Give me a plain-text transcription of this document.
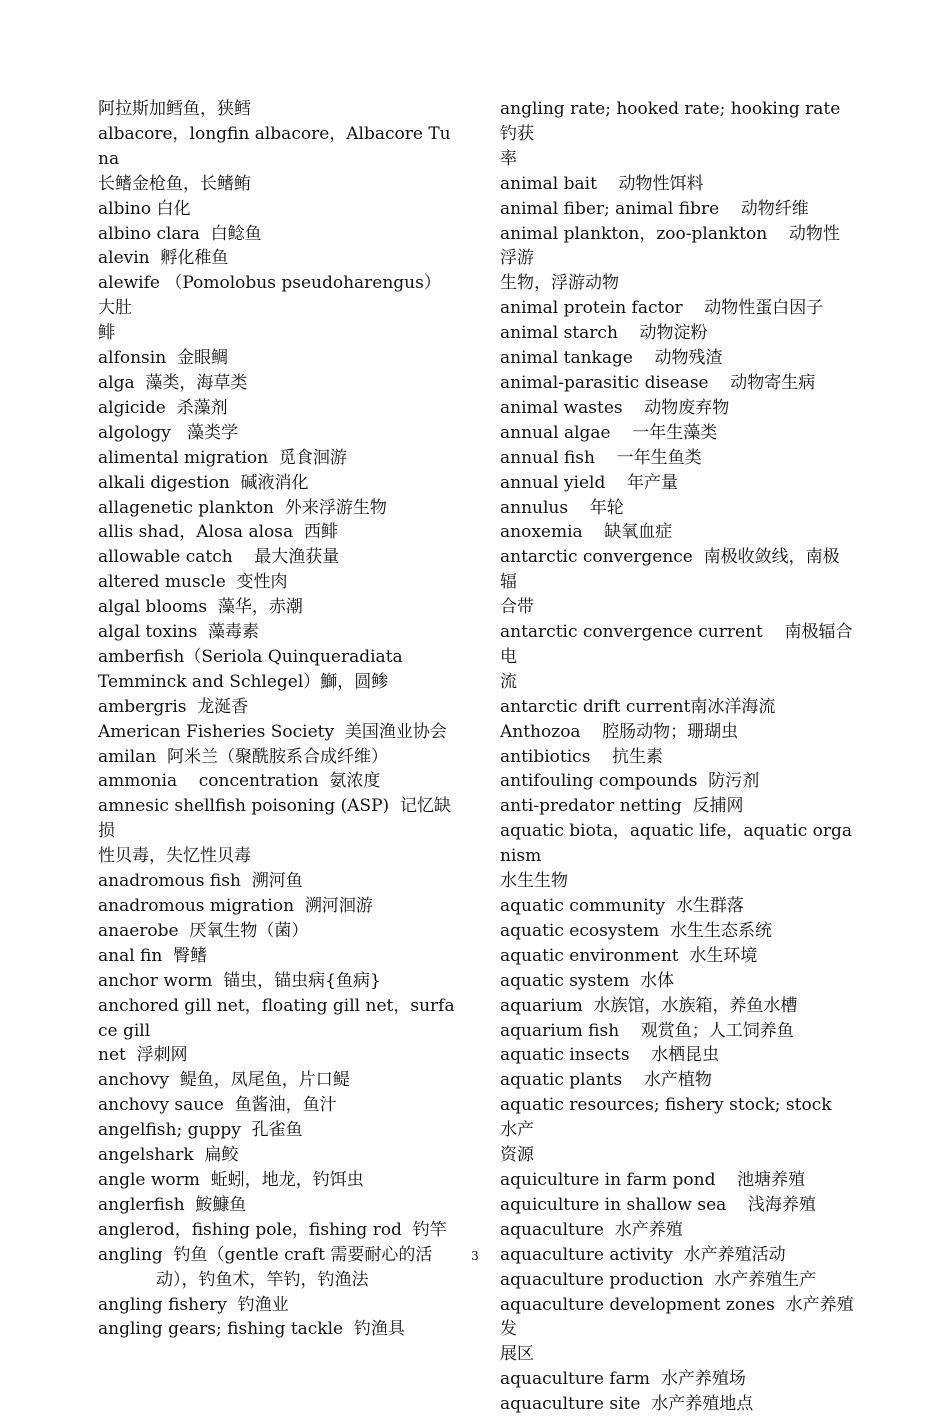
阿拉斯加鳕鱼，狭鳕
albacore，longfin albacore，Albacore Tuna
长鳍金枪鱼，长鳍鲔
albino 白化
albino clara  白鲶鱼
alevin  孵化稚鱼
alewife （Pomolobus pseudoharengus）大肚
鲱
alfonsin  金眼鲷
alga  藻类，海草类
algicide  杀藻剂
algology   藻类学
alimental migration  觅食洄游
alkali digestion  碱液消化
allagenetic plankton  外来浮游生物
allis shad，Alosa alosa  西鲱
allowable catch    最大渔获量
altered muscle  变性肉
algal blooms  藻华，赤潮
algal toxins  藻毒素
amberfish（Seriola Quinqueradiata
Temminck and Schlegel）鰤，圆鲹
ambergris  龙涎香
American Fisheries Society  美国渔业协会
amilan  阿米兰（聚酰胺系合成纤维）
ammonia    concentration  氨浓度
amnesic shellfish poisoning (ASP)  记忆缺损
性贝毒，失忆性贝毒
anadromous fish  溯河鱼
anadromous migration  溯河洄游
anaerobe  厌氧生物（菌）
anal fin  臀鳍
anchor worm  锚虫，锚虫病{鱼病}
anchored gill net，floating gill net，surface gill
net  浮刺网
anchovy  鳀鱼，凤尾鱼，片口鳀
anchovy sauce  鱼酱油，鱼汁
angelfish; guppy  孔雀鱼
angelshark  扁鲛
angle worm  蚯蚓，地龙，钓饵虫
anglerfish  鮟鱇鱼
anglerod，fishing pole，fishing rod  钓竿
angling  钓鱼（gentle craft 需要耐心的活
动），钓鱼术，竿钓，钓渔法
angling fishery  钓渔业
angling gears; fishing tackle  钓渔具
angling rate; hooked rate; hooking rate  钓获
率
animal bait    动物性饵料
animal fiber; animal fibre    动物纤维
animal plankton，zoo-plankton    动物性浮游
生物，浮游动物
animal protein factor    动物性蛋白因子
animal starch    动物淀粉
animal tankage    动物残渣
animal-parasitic disease    动物寄生病
animal wastes    动物废弃物
annual algae    一年生藻类
annual fish    一年生鱼类
annual yield    年产量
annulus    年轮
anoxemia    缺氧血症
antarctic convergence  南极收敛线，南极辐
合带
antarctic convergence current    南极辐合电
流
antarctic drift current南冰洋海流
Anthozoa    腔肠动物；珊瑚虫
antibiotics    抗生素
antifouling compounds  防污剂
anti-predator netting  反捕网
aquatic biota，aquatic life，aquatic organism
水生生物
aquatic community  水生群落
aquatic ecosystem  水生生态系统
aquatic environment  水生环境
aquatic system  水体
aquarium  水族馆，水族箱，养鱼水槽
aquarium fish    观赏鱼；人工饲养鱼
aquatic insects    水栖昆虫
aquatic plants    水产植物
aquatic resources; fishery stock; stock    水产
资源
aquiculture in farm pond    池塘养殖
aquiculture in shallow sea    浅海养殖
aquaculture  水产养殖
aquaculture activity  水产养殖活动
aquaculture production  水产养殖生产
aquaculture development zones  水产养殖发
展区
aquaculture farm  水产养殖场
aquaculture site  水产养殖地点
3
